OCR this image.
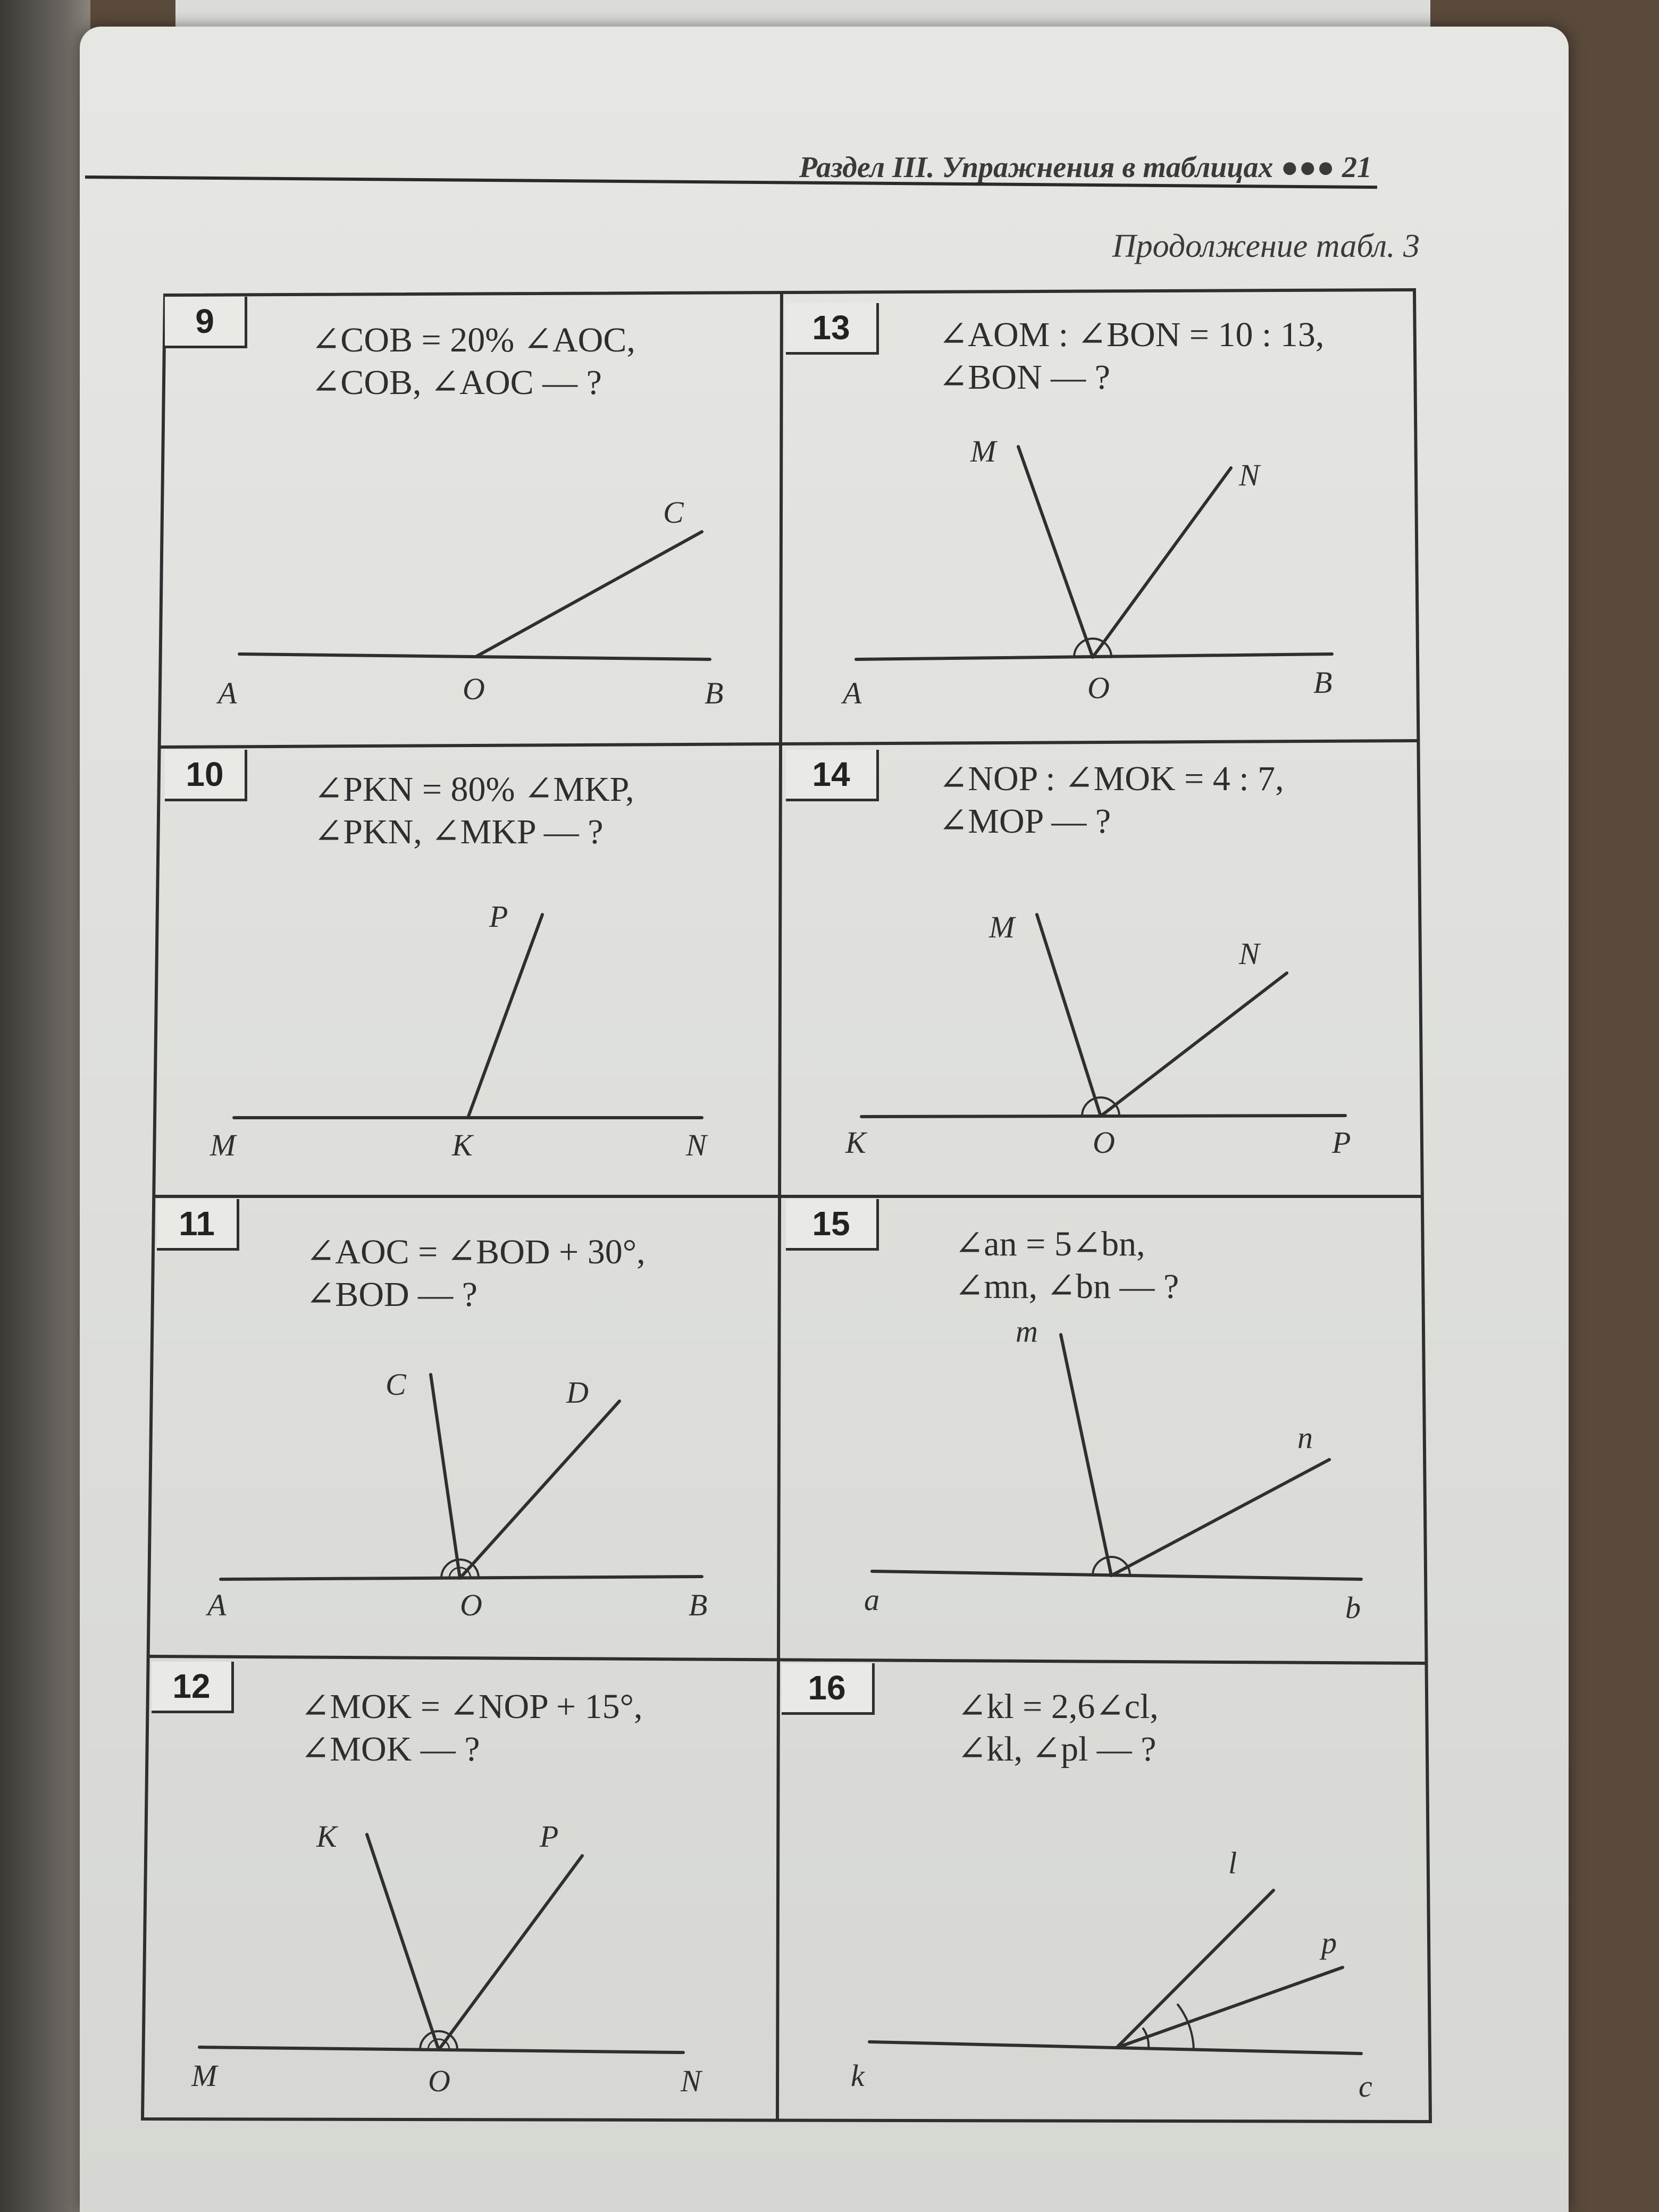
Раздел III. Упражнения в таблицах ●●● 21
Продолжение табл. 3
9	∠COB = 20% ∠AOC,
∠COB, ∠AOC — ?
A	O	B
C
13	∠AOM : ∠BON = 10 : 13,
∠BON — ?
A	O	B
M
N
10	∠PKN = 80% ∠MKP,
∠PKN, ∠MKP — ?
M	K	N
P
14	∠NOP : ∠MOK = 4 : 7,
∠MOP — ?
K	O	P
M
N
11
∠AOC = ∠BOD + 30°,
∠BOD — ?
A	O	B
C	D
15
∠an = 5∠bn,
∠mn, ∠bn — ?
a	b
m
n
12
∠MOK = ∠NOP + 15°,
∠MOK — ?
M	O	N
K	P
16	∠kl = 2,6∠cl,
∠kl, ∠pl — ?
k	c
l
p
